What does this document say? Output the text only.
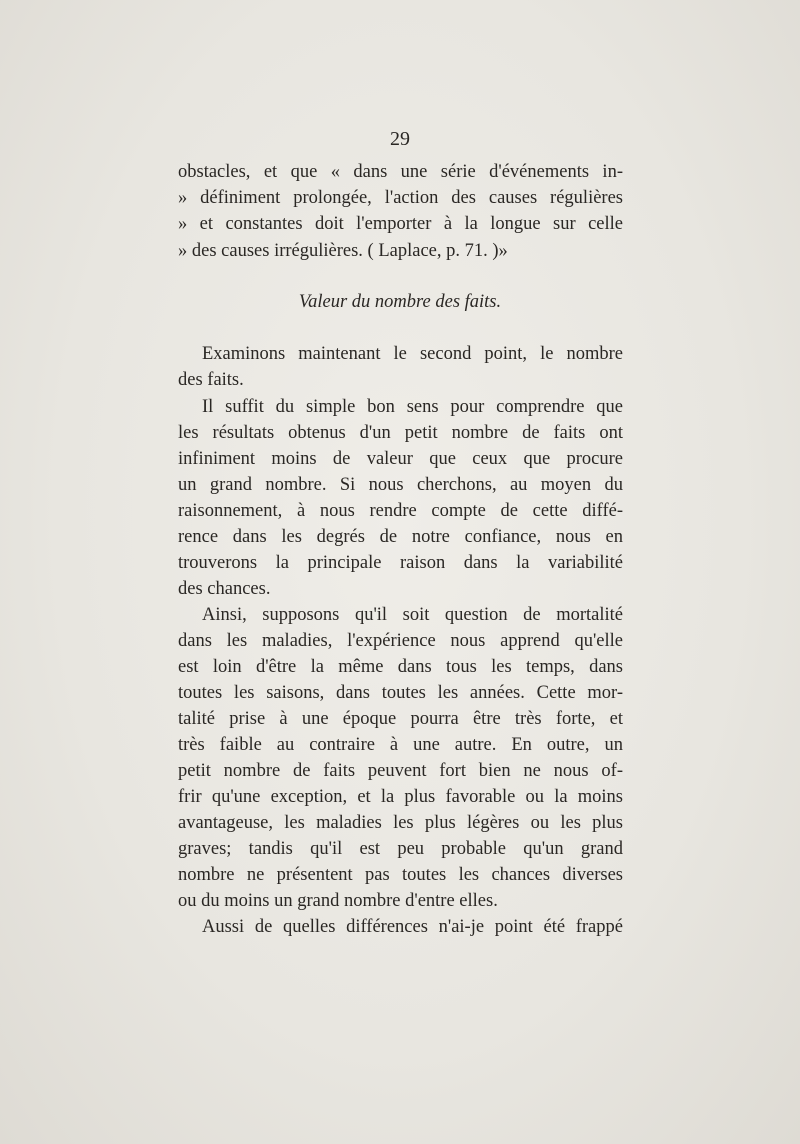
29
obstacles, et que « dans une série d'événements in-
» définiment prolongée, l'action des causes régulières
» et constantes doit l'emporter à la longue sur celle
» des causes irrégulières. ( Laplace, p. 71. )»
Valeur du nombre des faits.
Examinons maintenant le second point, le nombre
des faits.
Il suffit du simple bon sens pour comprendre que
les résultats obtenus d'un petit nombre de faits ont
infiniment moins de valeur que ceux que procure
un grand nombre. Si nous cherchons, au moyen du
raisonnement, à nous rendre compte de cette diffé-
rence dans les degrés de notre confiance, nous en
trouverons la principale raison dans la variabilité
des chances.
Ainsi, supposons qu'il soit question de mortalité
dans les maladies, l'expérience nous apprend qu'elle
est loin d'être la même dans tous les temps, dans
toutes les saisons, dans toutes les années. Cette mor-
talité prise à une époque pourra être très forte, et
très faible au contraire à une autre. En outre, un
petit nombre de faits peuvent fort bien ne nous of-
frir qu'une exception, et la plus favorable ou la moins
avantageuse, les maladies les plus légères ou les plus
graves; tandis qu'il est peu probable qu'un grand
nombre ne présentent pas toutes les chances diverses
ou du moins un grand nombre d'entre elles.
Aussi de quelles différences n'ai-je point été frappé
